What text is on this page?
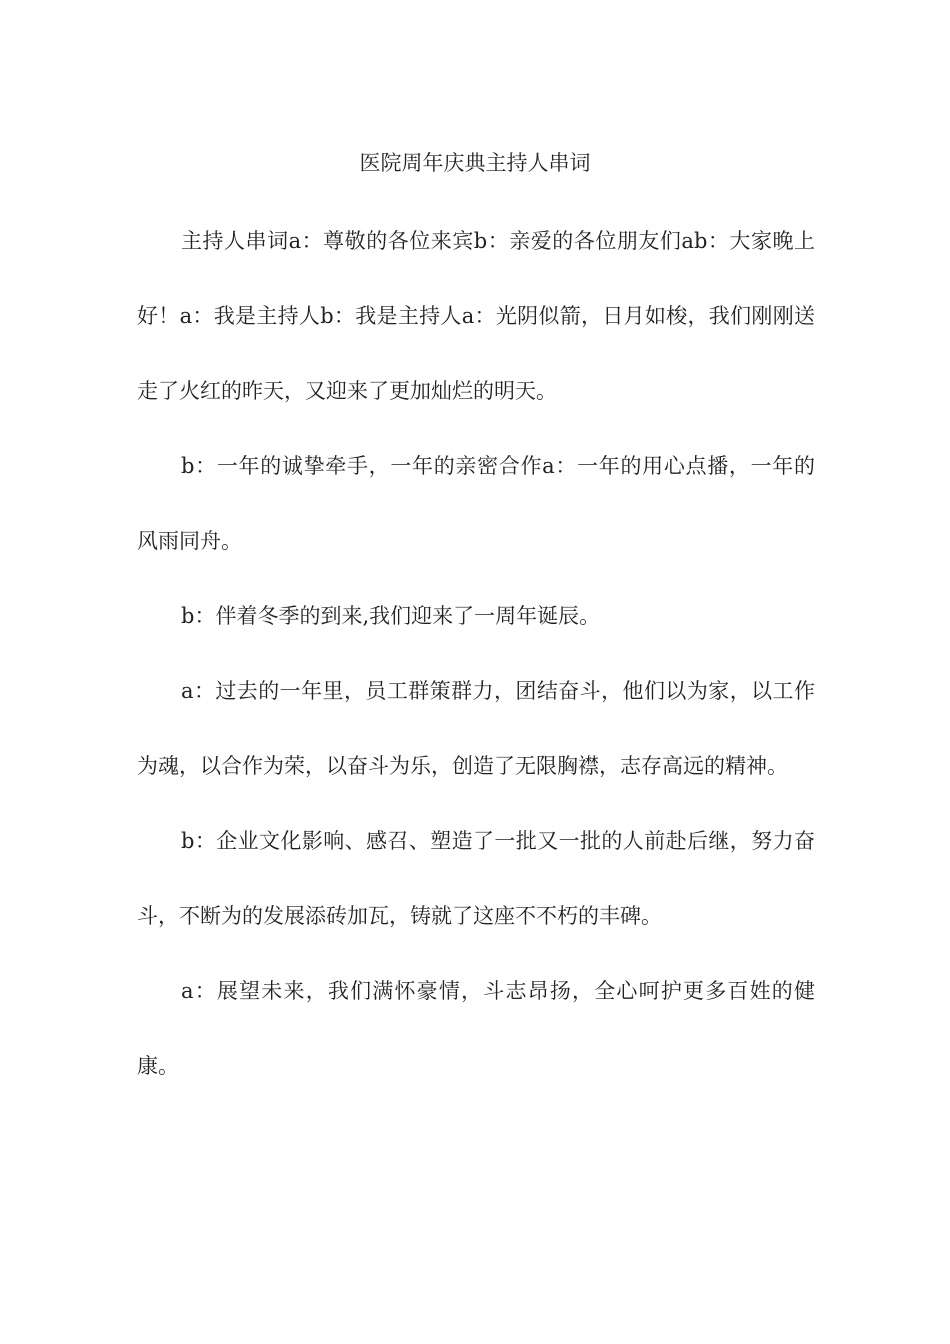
医院周年庆典主持人串词

主持人串词a：尊敬的各位来宾b：亲爱的各位朋友们ab：大家晚上好！a：我是主持人b：我是主持人a：光阴似箭，日月如梭，我们刚刚送走了火红的昨天，又迎来了更加灿烂的明天。

b：一年的诚挚牵手，一年的亲密合作a：一年的用心点播，一年的风雨同舟。

b：伴着冬季的到来,我们迎来了一周年诞辰。

a：过去的一年里，员工群策群力，团结奋斗，他们以为家，以工作为魂，以合作为荣，以奋斗为乐，创造了无限胸襟，志存高远的精神。

b：企业文化影响、感召、塑造了一批又一批的人前赴后继，努力奋斗，不断为的发展添砖加瓦，铸就了这座不不朽的丰碑。

a：展望未来，我们满怀豪情，斗志昂扬，全心呵护更多百姓的健康。
